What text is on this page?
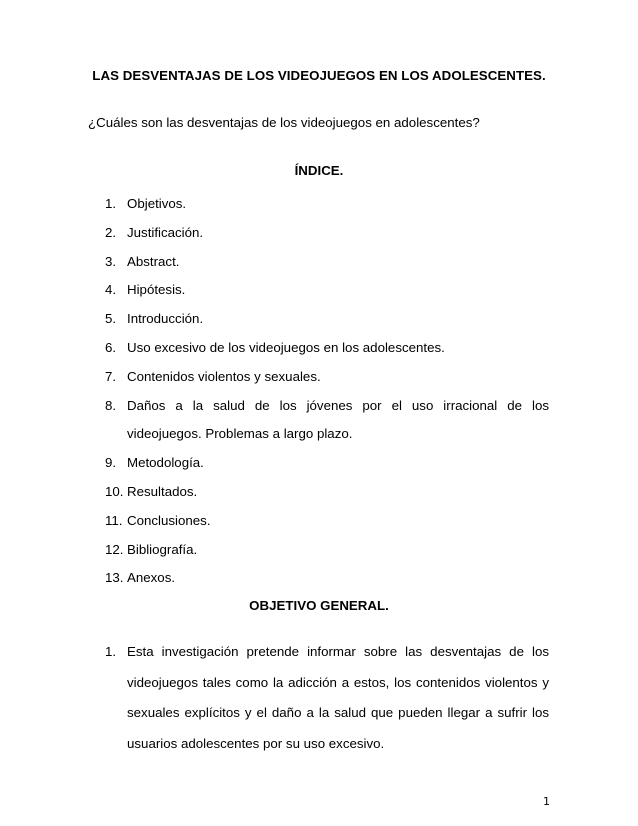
LAS DESVENTAJAS DE LOS VIDEOJUEGOS EN LOS ADOLESCENTES.
¿Cuáles son las desventajas de los videojuegos en adolescentes?
ÍNDICE.
1. Objetivos.
2. Justificación.
3. Abstract.
4. Hipótesis.
5. Introducción.
6. Uso excesivo de los videojuegos en los adolescentes.
7. Contenidos violentos y sexuales.
8. Daños a la salud de los jóvenes por el uso irracional de los videojuegos. Problemas a largo plazo.
9. Metodología.
10. Resultados.
11. Conclusiones.
12. Bibliografía.
13. Anexos.
OBJETIVO GENERAL.
1. Esta investigación pretende informar sobre las desventajas de los videojuegos tales como la adicción a estos, los contenidos violentos y sexuales explícitos y el daño a la salud que pueden llegar a sufrir los usuarios adolescentes por su uso excesivo.
1
